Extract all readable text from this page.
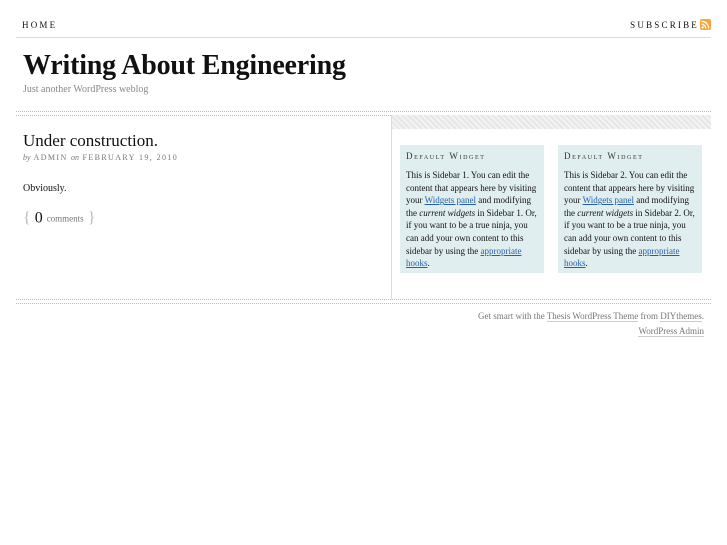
HOME	SUBSCRIBE
Writing About Engineering
Just another WordPress weblog
Under construction.
by ADMIN on FEBRUARY 19, 2010
Obviously.
{ 0 comments }
Default Widget
This is Sidebar 1. You can edit the content that appears here by visiting your Widgets panel and modifying the current widgets in Sidebar 1. Or, if you want to be a true ninja, you can add your own content to this sidebar by using the appropriate hooks.
Default Widget
This is Sidebar 2. You can edit the content that appears here by visiting your Widgets panel and modifying the current widgets in Sidebar 2. Or, if you want to be a true ninja, you can add your own content to this sidebar by using the appropriate hooks.
Get smart with the Thesis WordPress Theme from DIYthemes.
WordPress Admin
